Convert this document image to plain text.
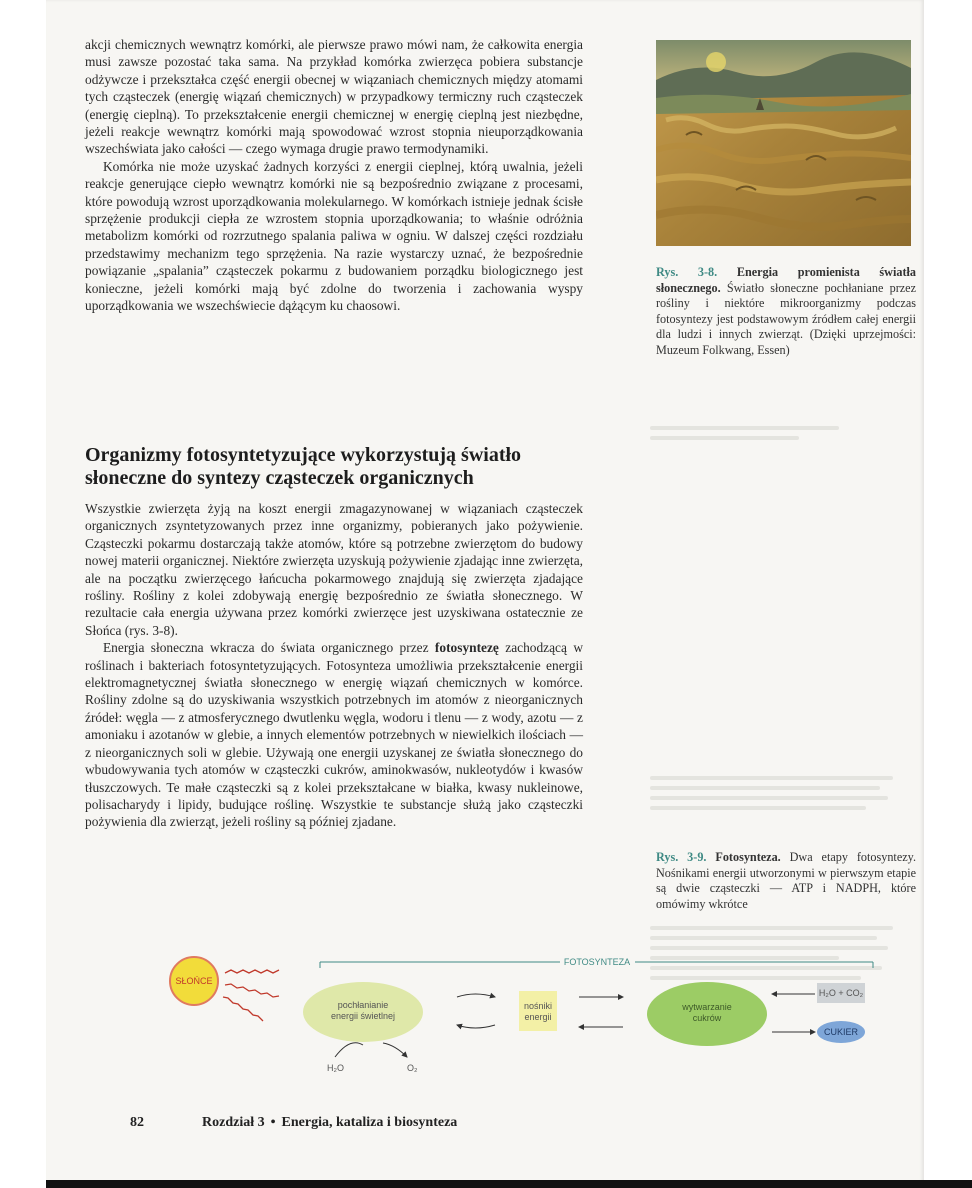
akcji chemicznych wewnątrz komórki, ale pierwsze prawo mówi nam, że całkowita energia musi zawsze pozostać taka sama. Na przykład komórka zwierzęca pobiera substancje odżywcze i przekształca część energii obecnej w wiązaniach chemicznych między atomami tych cząsteczek (energię wiązań chemicznych) w przypadkowy termiczny ruch cząsteczek (energię cieplną). To przekształcenie energii chemicznej w energię cieplną jest niezbędne, jeżeli reakcje wewnątrz komórki mają spowodować wzrost stopnia nieuporządkowania wszechświata jako całości — czego wymaga drugie prawo termodynamiki.

Komórka nie może uzyskać żadnych korzyści z energii cieplnej, którą uwalnia, jeżeli reakcje generujące ciepło wewnątrz komórki nie są bezpośrednio związane z procesami, które powodują wzrost uporządkowania molekularnego. W komórkach istnieje jednak ścisłe sprzężenie produkcji ciepła ze wzrostem stopnia uporządkowania; to właśnie odróżnia metabolizm komórki od rozrzutnego spalania paliwa w ogniu. W dalszej części rozdziału przedstawimy mechanizm tego sprzężenia. Na razie wystarczy uznać, że bezpośrednie powiązanie „spalania” cząsteczek pokarmu z budowaniem porządku biologicznego jest konieczne, jeżeli komórki mają być zdolne do tworzenia i zachowania wyspy uporządkowania we wszechświecie dążącym ku chaosowi.

Organizmy fotosyntetyzujące wykorzystują światło słoneczne do syntezy cząsteczek organicznych

Wszystkie zwierzęta żyją na koszt energii zmagazynowanej w wiązaniach cząsteczek organicznych zsyntetyzowanych przez inne organizmy, pobieranych jako pożywienie. Cząsteczki pokarmu dostarczają także atomów, które są potrzebne zwierzętom do budowy nowej materii organicznej. Niektóre zwierzęta uzyskują pożywienie zjadając inne zwierzęta, ale na początku zwierzęcego łańcucha pokarmowego znajdują się zwierzęta zjadające rośliny. Rośliny z kolei zdobywają energię bezpośrednio ze światła słonecznego. W rezultacie cała energia używana przez komórki zwierzęce jest uzyskiwana ostatecznie ze Słońca (rys. 3-8).

Energia słoneczna wkracza do świata organicznego przez fotosyntezę zachodzącą w roślinach i bakteriach fotosyntetyzujących. Fotosynteza umożliwia przekształcenie energii elektromagnetycznej światła słonecznego w energię wiązań chemicznych w komórce. Rośliny zdolne są do uzyskiwania wszystkich potrzebnych im atomów z nieorganicznych źródeł: węgla — z atmosferycznego dwutlenku węgla, wodoru i tlenu — z wody, azotu — z amoniaku i azotanów w glebie, a innych elementów potrzebnych w niewielkich ilościach — z nieorganicznych soli w glebie. Używają one energii uzyskanej ze światła słonecznego do wbudowywania tych atomów w cząsteczki cukrów, aminokwasów, nukleotydów i kwasów tłuszczowych. Te małe cząsteczki są z kolei przekształcane w białka, kwasy nukleinowe, polisacharydy i lipidy, budujące roślinę. Wszystkie te substancje służą jako cząsteczki pożywienia dla zwierząt, jeżeli rośliny są później zjadane.

Rys. 3-8. Energia promienista światła słonecznego. Światło słoneczne pochłaniane przez rośliny i niektóre mikroorganizmy podczas fotosyntezy jest podstawowym źródłem całej energii dla ludzi i innych zwierząt. (Dzięki uprzejmości: Muzeum Folkwang, Essen)
Rys. 3-9. Fotosynteza. Dwa etapy fotosyntezy. Nośnikami energii utworzonymi w pierwszym etapie są dwie cząsteczki — ATP i NADPH, które omówimy wkrótce
FOTOSYNTEZA
SŁOŃCE
pochłanianie
energii świetlnej
H₂O	O₂
nośniki
energii
wytwarzanie
cukrów
H₂O + CO₂
CUKIER
82	Rozdział 3 • Energia, kataliza i biosynteza
